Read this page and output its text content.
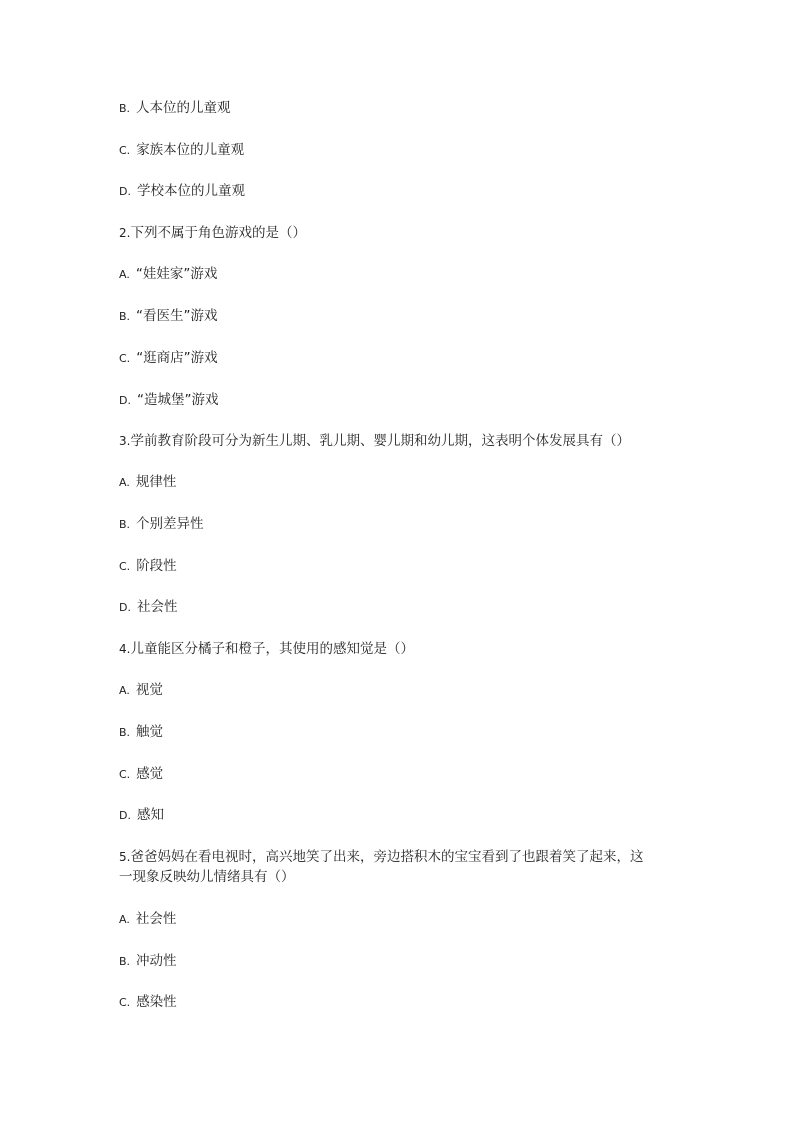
B. 人本位的儿童观
C. 家族本位的儿童观
D. 学校本位的儿童观
2.下列不属于角色游戏的是（）
A. “娃娃家”游戏
B. “看医生”游戏
C. “逛商店”游戏
D. “造城堡”游戏
3.学前教育阶段可分为新生儿期、乳儿期、婴儿期和幼儿期，这表明个体发展具有（）
A. 规律性
B. 个别差异性
C. 阶段性
D. 社会性
4.儿童能区分橘子和橙子，其使用的感知觉是（）
A. 视觉
B. 触觉
C. 感觉
D. 感知
5.爸爸妈妈在看电视时，高兴地笑了出来，旁边搭积木的宝宝看到了也跟着笑了起来，这
一现象反映幼儿情绪具有（）
A. 社会性
B. 冲动性
C. 感染性
